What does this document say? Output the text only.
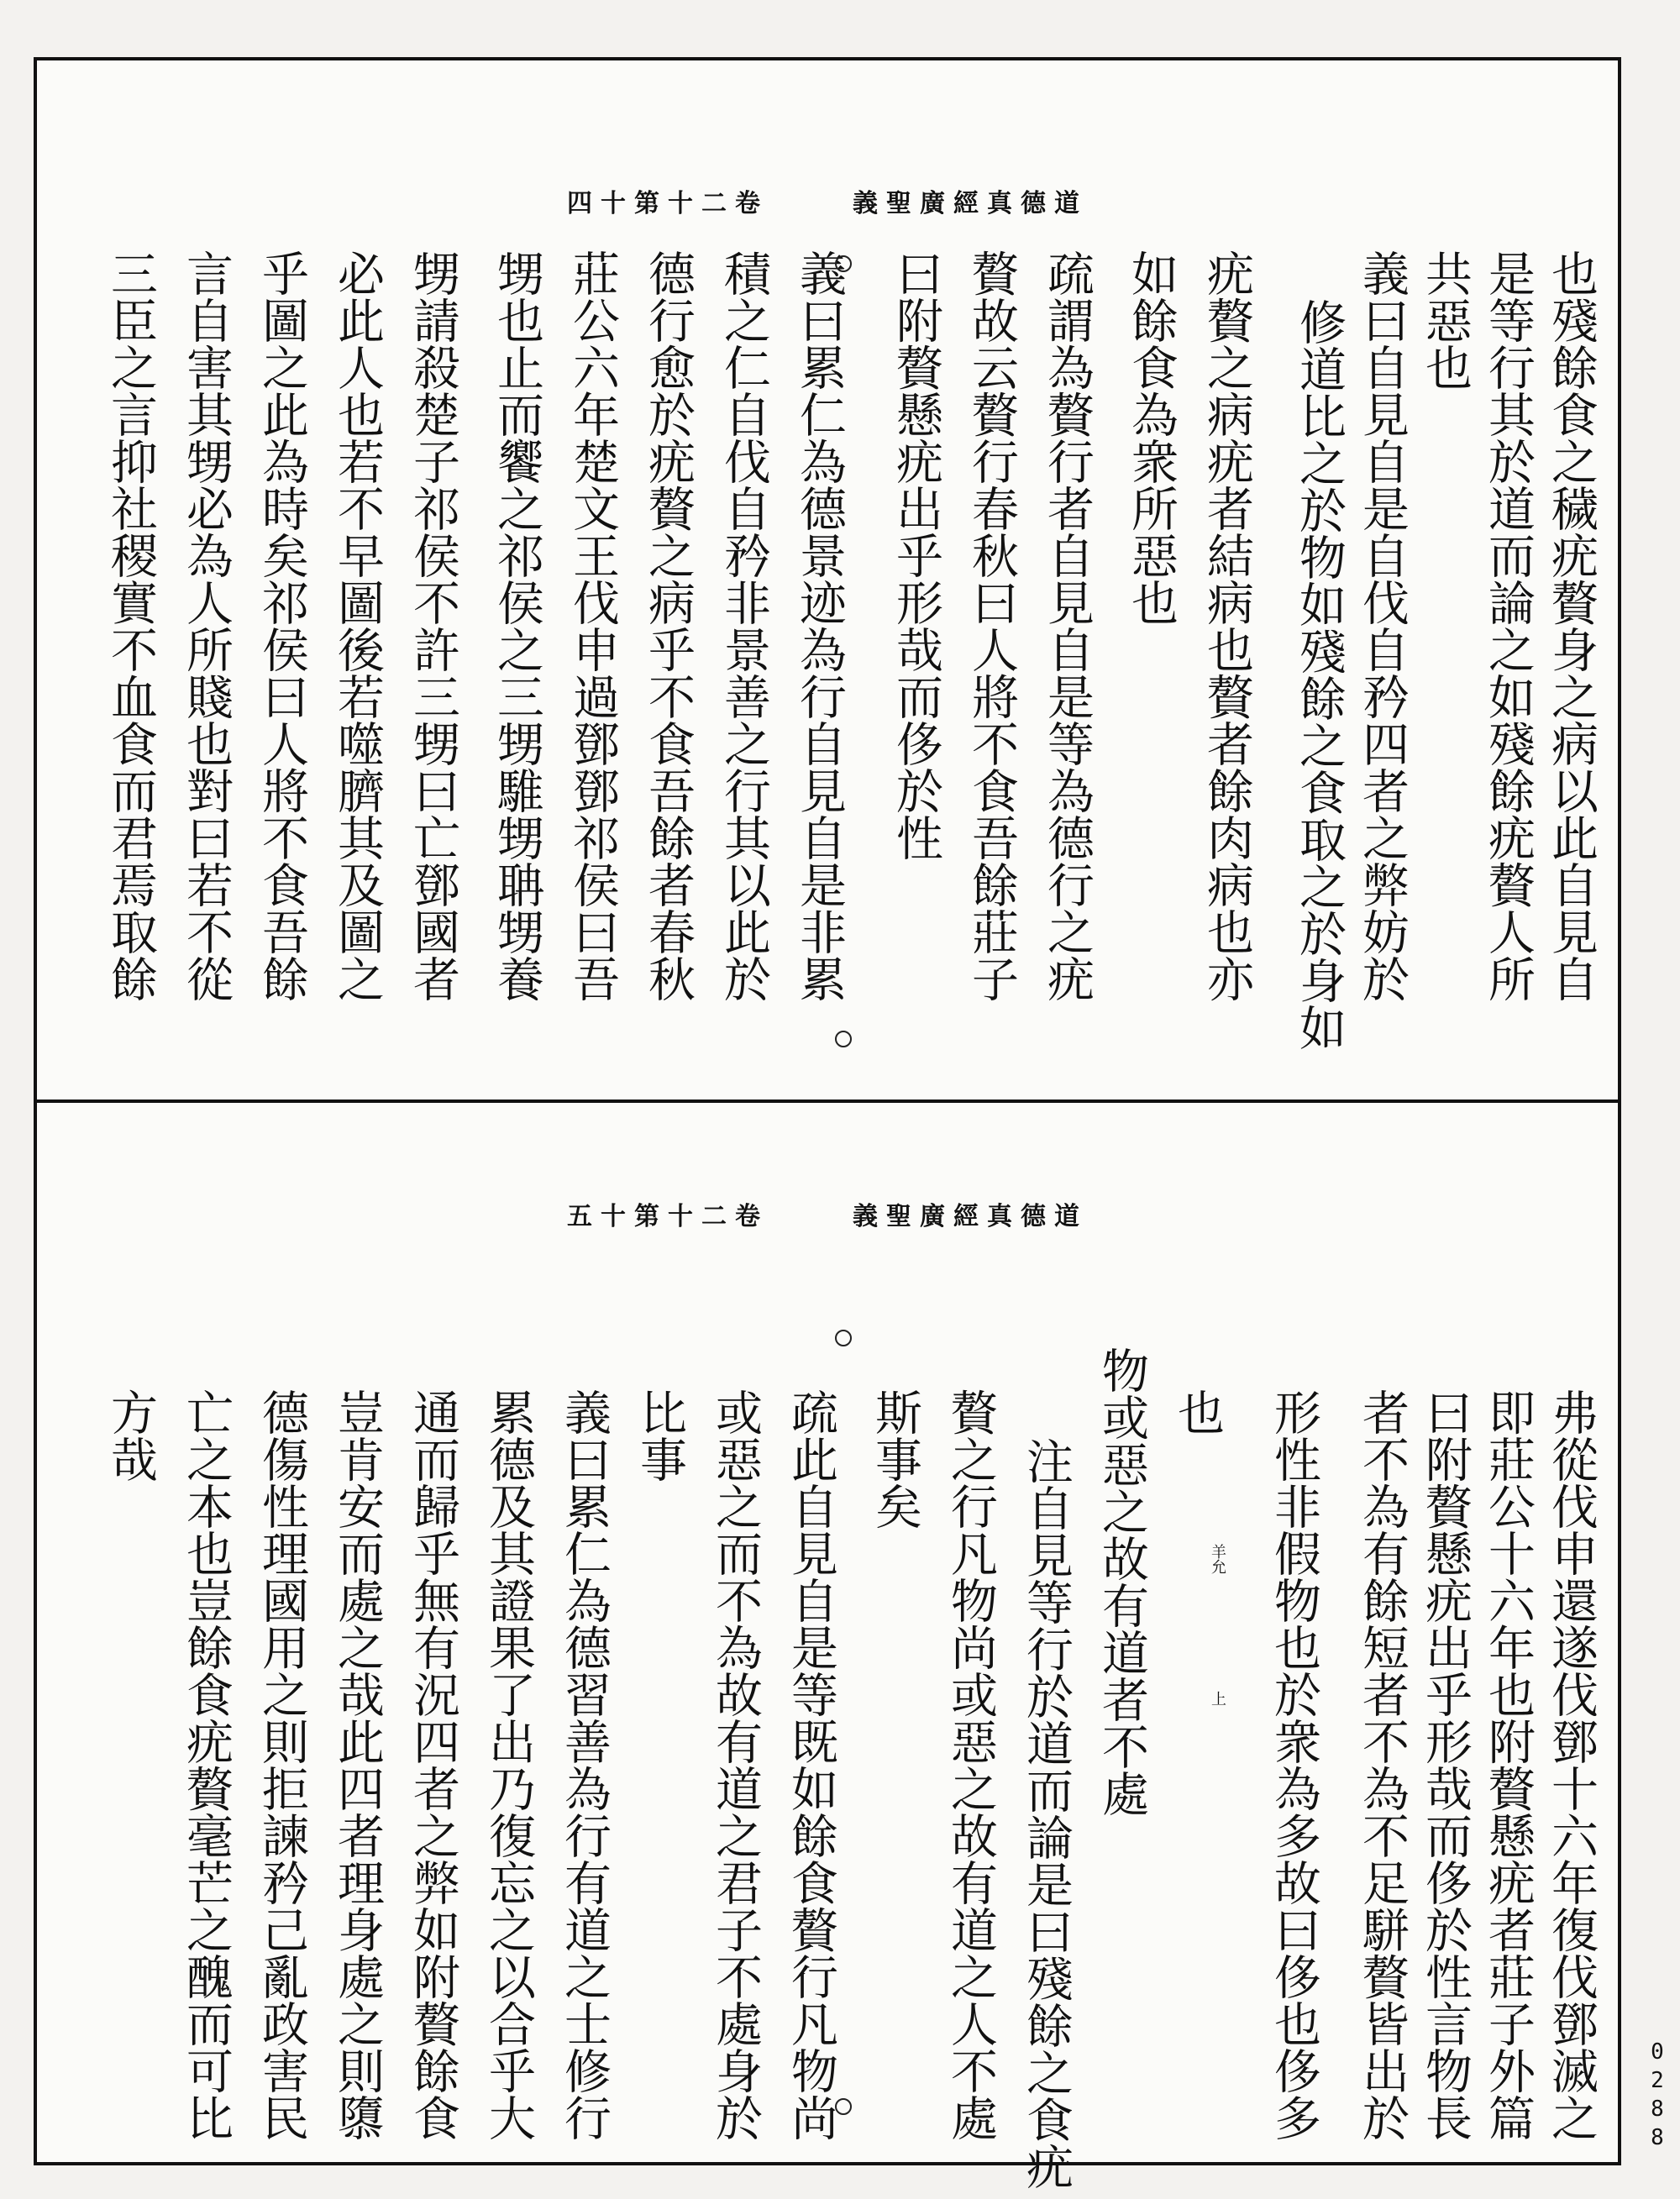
義聖廣經真德道  四十第十二卷
也殘餘食之穢疣贅身之病以此自見自
是等行其於道而論之如殘餘疣贅人所
共惡也
義曰自見自是自伐自矜四者之弊妨於
修道比之於物如殘餘之食取之於身如
疣贅之病疣者結病也贅者餘肉病也亦
如餘食為衆所惡也
疏謂為贅行者自見自是等為德行之疣
贅故云贅行春秋曰人將不食吾餘莊子
曰附贅懸疣出乎形哉而侈於性
義曰累仁為德景迹為行自見自是非累
積之仁自伐自矜非景善之行其以此於
德行愈於疣贅之病乎不食吾餘者春秋
莊公六年楚文王伐申過鄧鄧祁侯曰吾
甥也止而饗之祁侯之三甥騅甥聃甥養
甥請殺楚子祁侯不許三甥曰亡鄧國者
必此人也若不早圖後若噬臍其及圖之
乎圖之此為時矣祁侯曰人將不食吾餘
言自害其甥必為人所賤也對曰若不從
三臣之言抑社稷實不血食而君焉取餘
義聖廣經真德道  五十第十二卷
弗從伐申還遂伐鄧十六年復伐鄧滅之
即莊公十六年也附贅懸疣者莊子外篇
曰附贅懸疣出乎形哉而侈於性言物長
者不為有餘短者不為不足駢贅皆出於
形性非假物也於衆為多故曰侈也侈多
也
物或惡之故有道者不處
注自見等行於道而論是曰殘餘之食疣
贅之行凡物尚或惡之故有道之人不處
斯事矣
疏此自見自是等既如餘食贅行凡物尚
或惡之而不為故有道之君子不處身於
比事
義曰累仁為德習善為行有道之士修行
累德及其證果了出乃復忘之以合乎大
通而歸乎無有況四者之弊如附贅餘食
豈肯安而處之哉此四者理身處之則隳
德傷性理國用之則拒諫矜己亂政害民
亡之本也豈餘食疣贅毫芒之醜而可比
方哉
羊允
上
0288
